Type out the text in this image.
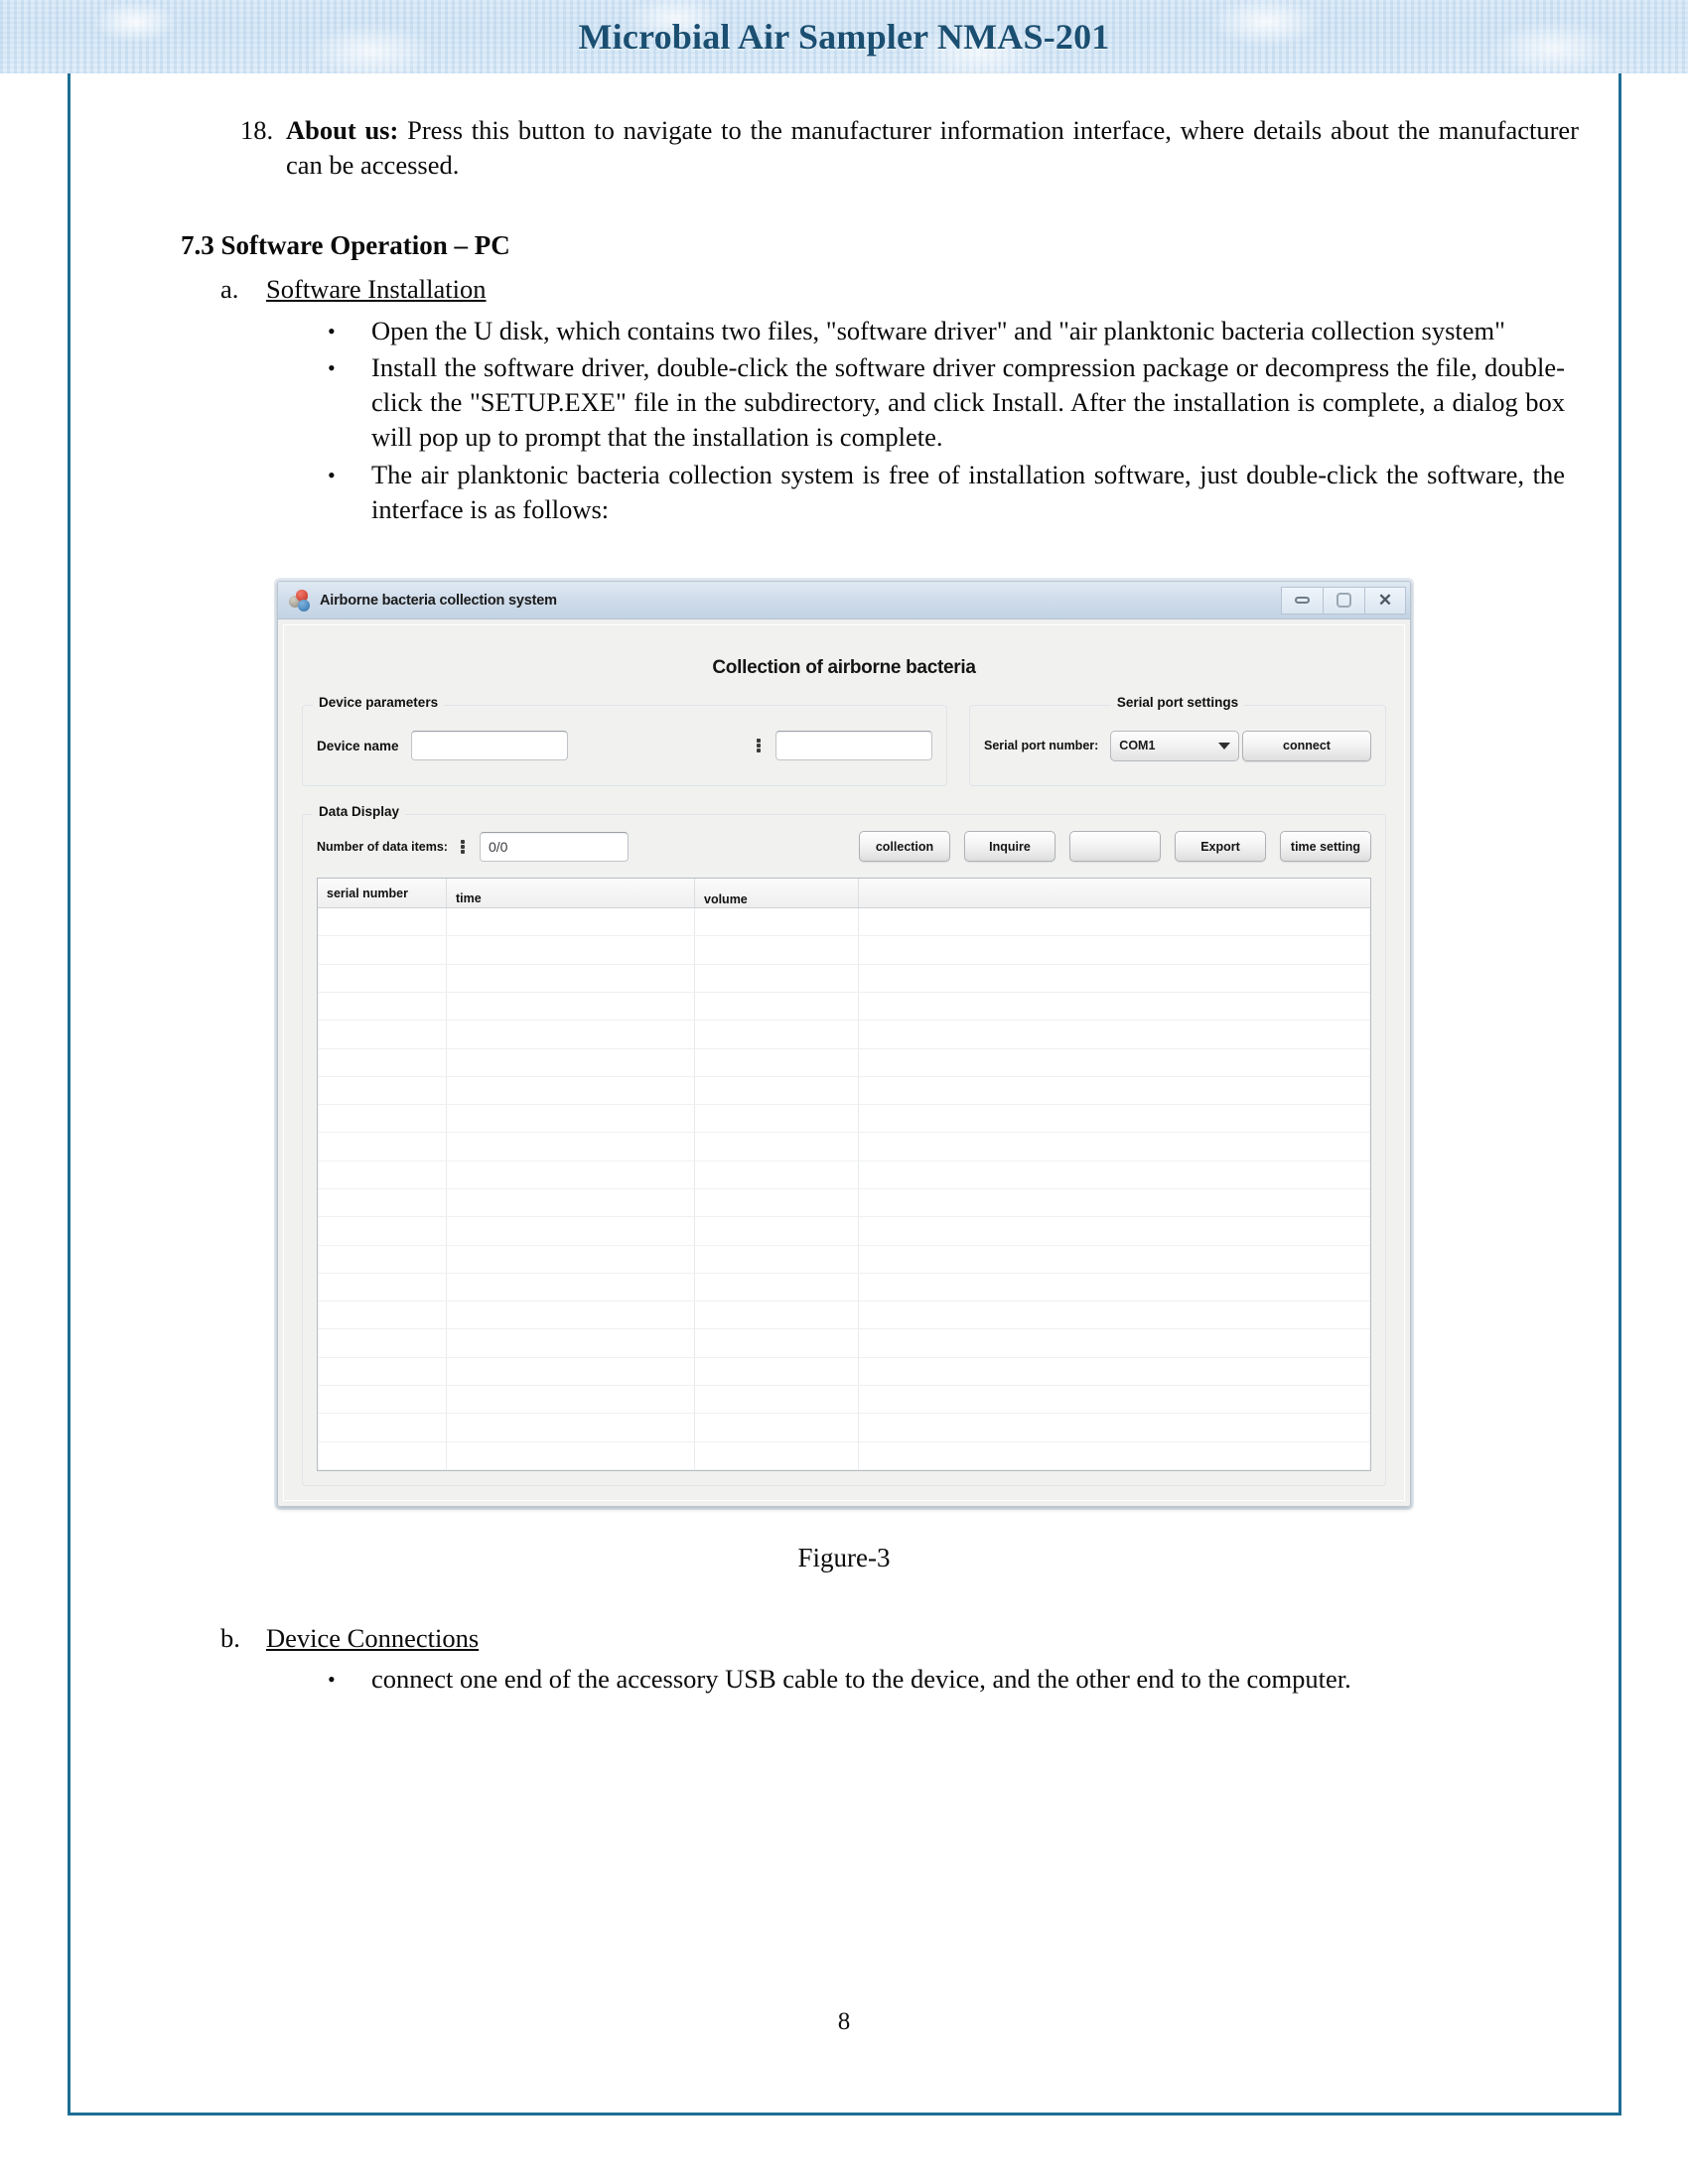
Microbial Air Sampler NMAS-201
18. About us: Press this button to navigate to the manufacturer information interface, where details about the manufacturer can be accessed.
7.3 Software Operation – PC
a.	Software Installation
•	Open the U disk, which contains two files, "software driver" and "air planktonic bacteria collection system"
•	Install the software driver, double-click the software driver compression package or decompress the file, double-click the "SETUP.EXE" file in the subdirectory, and click Install. After the installation is complete, a dialog box will pop up to prompt that the installation is complete.
•	The air planktonic bacteria collection system is free of installation software, just double-click the software, the interface is as follows:
Airborne bacteria collection system	✕
Collection of airborne bacteria
Device parameters
Device name
Serial port settings
Serial port number: COM1	connect
Data Display
Number of data items:	0/0	collection	Inquire	Export	time setting
serial number	time	volume
Figure-3
b. Device Connections
•	connect one end of the accessory USB cable to the device, and the other end to the computer.
8
